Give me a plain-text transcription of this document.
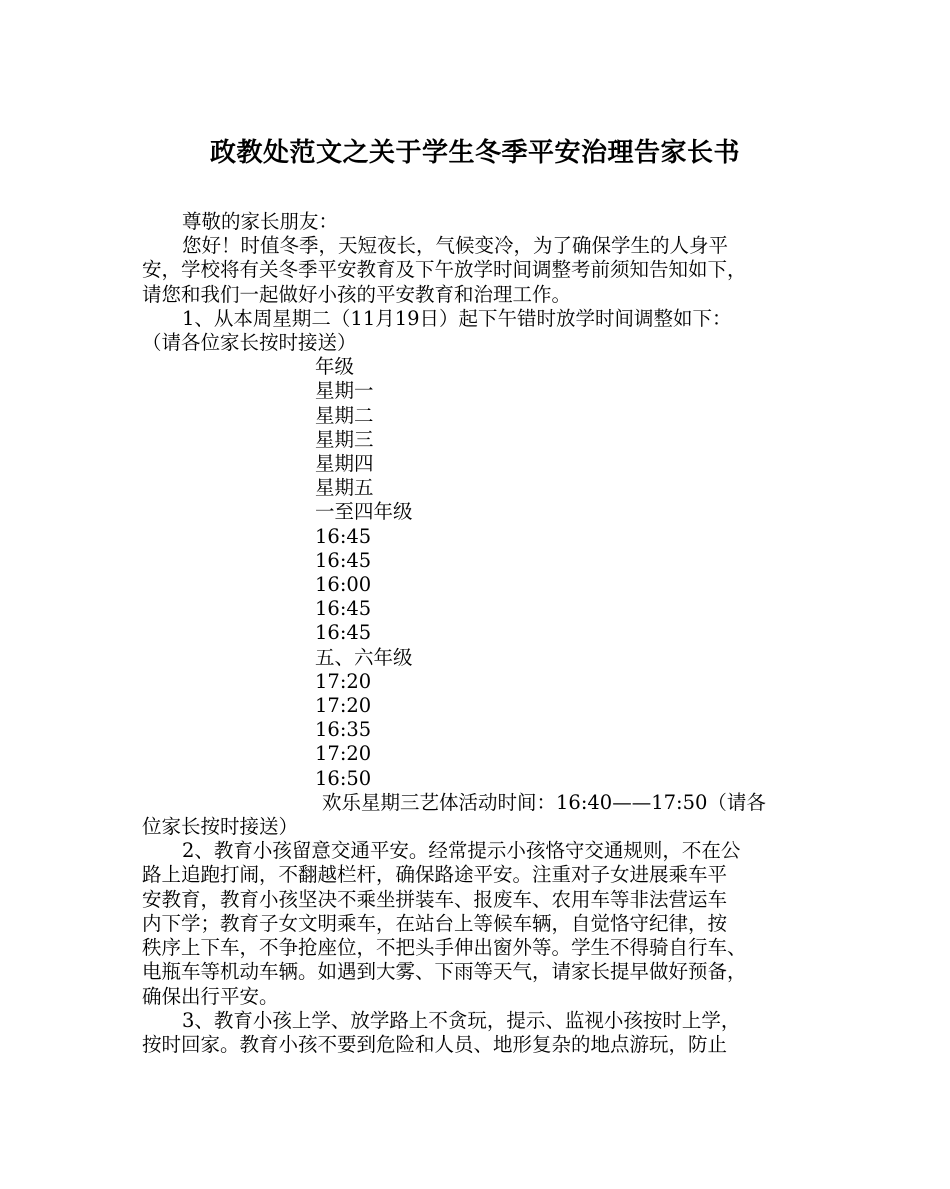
政教处范文之关于学生冬季平安治理告家长书

尊敬的家长朋友：

您好！时值冬季，天短夜长，气候变冷，为了确保学生的人身平

安，学校将有关冬季平安教育及下午放学时间调整考前须知告知如下，

请您和我们一起做好小孩的平安教育和治理工作。

1、从本周星期二（11月19日）起下午错时放学时间调整如下：

（请各位家长按时接送）

年级

星期一

星期二

星期三

星期四

星期五

一至四年级

16:45

16:45

16:00

16:45

16:45

五、六年级

17:20

17:20

16:35

17:20

16:50

欢乐星期三艺体活动时间：16:40——17:50（请各

位家长按时接送）

2、教育小孩留意交通平安。经常提示小孩恪守交通规则，不在公

路上追跑打闹，不翻越栏杆，确保路途平安。注重对子女进展乘车平

安教育，教育小孩坚决不乘坐拼装车、报废车、农用车等非法营运车

内下学；教育子女文明乘车，在站台上等候车辆，自觉恪守纪律，按

秩序上下车，不争抢座位，不把头手伸出窗外等。学生不得骑自行车、

电瓶车等机动车辆。如遇到大雾、下雨等天气，请家长提早做好预备，

确保出行平安。

3、教育小孩上学、放学路上不贪玩，提示、监视小孩按时上学，

按时回家。教育小孩不要到危险和人员、地形复杂的地点游玩，防止
